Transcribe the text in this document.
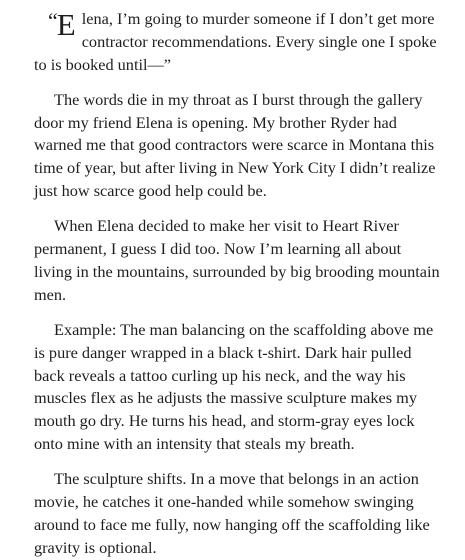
“E lena, I’m going to murder someone if I don’t get more contractor recommendations. Every single one I spoke to is booked until—”

The words die in my throat as I burst through the gallery door my friend Elena is opening. My brother Ryder had warned me that good contractors were scarce in Montana this time of year, but after living in New York City I didn’t realize just how scarce good help could be.

When Elena decided to make her visit to Heart River permanent, I guess I did too. Now I’m learning all about living in the mountains, surrounded by big brooding mountain men.

Example: The man balancing on the scaffolding above me is pure danger wrapped in a black t-shirt. Dark hair pulled back reveals a tattoo curling up his neck, and the way his muscles flex as he adjusts the massive sculpture makes my mouth go dry. He turns his head, and storm-gray eyes lock onto mine with an intensity that steals my breath.

The sculpture shifts. In a move that belongs in an action movie, he catches it one-handed while somehow swinging around to face me fully, now hanging off the scaffolding like gravity is optional.
